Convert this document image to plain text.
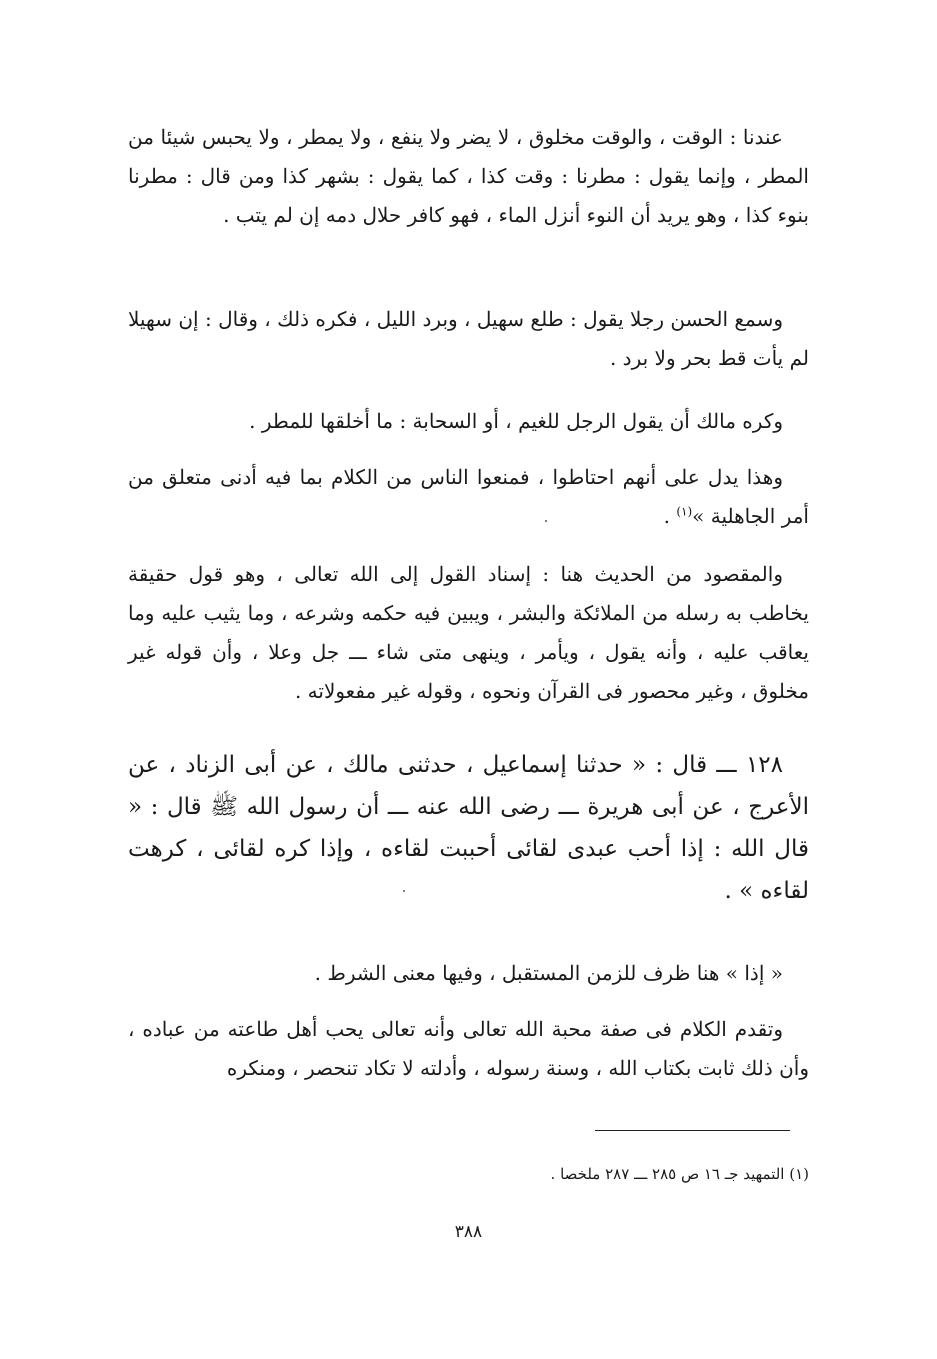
عندنا : الوقت ، والوقت مخلوق ، لا يضر ولا ينفع ، ولا يمطر ، ولا يحبس شيئا من المطر ، وإنما يقول : مطرنا : وقت كذا ، كما يقول : بشهر كذا ومن قال : مطرنا بنوء كذا ، وهو يريد أن النوء أنزل الماء ، فهو كافر حلال دمه إن لم يتب .

وسمع الحسن رجلا يقول : طلع سهيل ، وبرد الليل ، فكره ذلك ، وقال : إن سهيلا لم يأت قط بحر ولا برد .

وكره مالك أن يقول الرجل للغيم ، أو السحابة : ما أخلقها للمطر .

وهذا يدل على أنهم احتاطوا ، فمنعوا الناس من الكلام بما فيه أدنى متعلق من أمر الجاهلية »$^{(١)}$ .

والمقصود من الحديث هنا : إسناد القول إلى الله تعالى ، وهو قول حقيقة يخاطب به رسله من الملائكة والبشر ، ويبين فيه حكمه وشرعه ، وما يثيب عليه وما يعاقب عليه ، وأنه يقول ، ويأمر ، وينهى متى شاء ـــ جل وعلا ، وأن قوله غير مخلوق ، وغير محصور فى القرآن ونحوه ، وقوله غير مفعولاته .

١٢٨ ـــ قال : « حدثنا إسماعيل ، حدثنى مالك ، عن أبى الزناد ، عن الأعرج ، عن أبى هريرة ـــ رضى الله عنه ـــ أن رسول الله ﷺ قال : « قال الله : إذا أحب عبدى لقائى أحببت لقاءه ، وإذا كره لقائى ، كرهت لقاءه » .

« إذا » هنا ظرف للزمن المستقبل ، وفيها معنى الشرط .

وتقدم الكلام فى صفة محبة الله تعالى وأنه تعالى يحب أهل طاعته من عباده ، وأن ذلك ثابت بكتاب الله ، وسنة رسوله ، وأدلته لا تكاد تنحصر ، ومنكره

(١) التمهيد جـ ١٦ ص ٢٨٥ ـــ ٢٨٧ ملخصا .

٣٨٨
